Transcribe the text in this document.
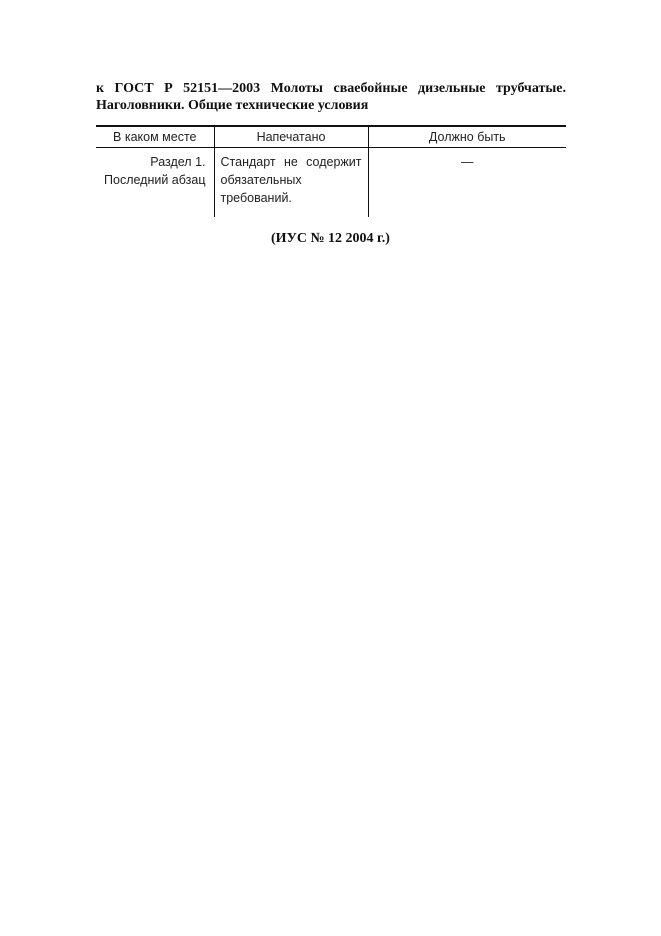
к ГОСТ Р 52151—2003 Молоты сваебойные дизельные трубчатые. Наголовники. Общие технические условия

В каком месте	Напечатано	Должно быть
Раздел 1. Последний абзац	Стандарт не содержит обязательных требований.	—

(ИУС № 12 2004 г.)
